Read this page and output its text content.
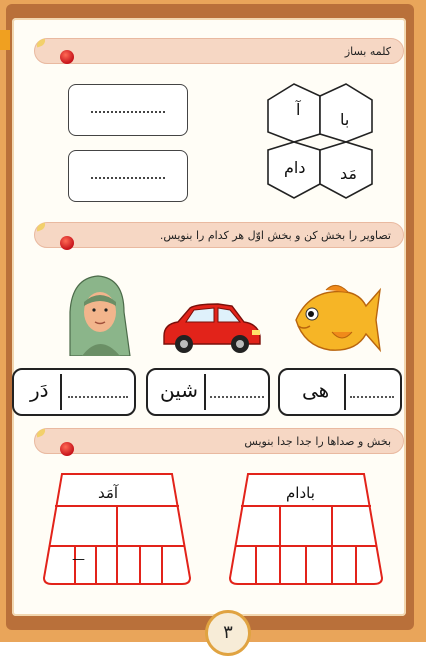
کلمه بساز
آ
با
دام مَد
تصاویر را بخش کن و بخش اوّل هر کدام را بنویس.
دَر	شین	هی
بخش و صداها را جدا جدا بنویس
آمَد
—
بادام
۳
